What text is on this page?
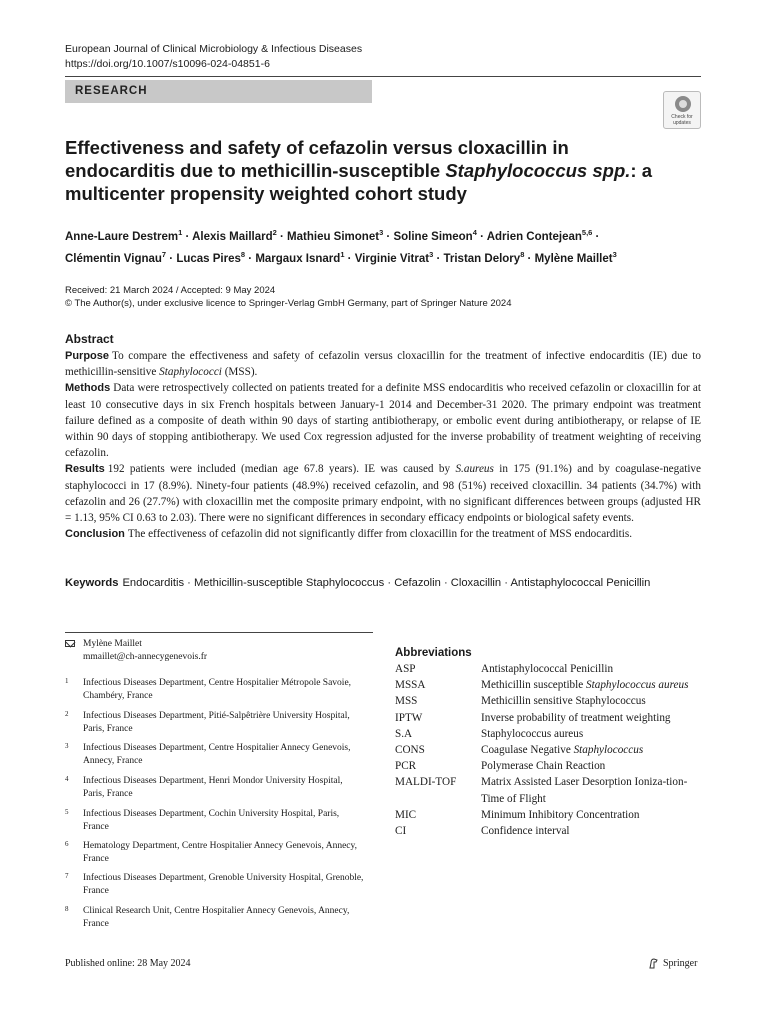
European Journal of Clinical Microbiology & Infectious Diseases
https://doi.org/10.1007/s10096-024-04851-6
RESEARCH
Check for updates
Effectiveness and safety of cefazolin versus cloxacillin in endocarditis due to methicillin-susceptible Staphylococcus spp.: a multicenter propensity weighted cohort study
Anne-Laure Destrem$^1$ · Alexis Maillard$^2$ · Mathieu Simonet$^3$ · Soline Simeon$^4$ · Adrien Contejean$^{5,6}$ ·
Clémentin Vignau$^7$ · Lucas Pires$^8$ · Margaux Isnard$^1$ · Virginie Vitrat$^3$ · Tristan Delory$^8$ · Mylène Maillet$^3$
Received: 21 March 2024 / Accepted: 9 May 2024
© The Author(s), under exclusive licence to Springer-Verlag GmbH Germany, part of Springer Nature 2024
Abstract

Purpose To compare the effectiveness and safety of cefazolin versus cloxacillin for the treatment of infective endocarditis (IE) due to methicillin-sensitive Staphylococci (MSS).

Methods Data were retrospectively collected on patients treated for a definite MSS endocarditis who received cefazolin or cloxacillin for at least 10 consecutive days in six French hospitals between January-1 2014 and December-31 2020. The primary endpoint was treatment failure defined as a composite of death within 90 days of starting antibiotherapy, or embolic event during antibiotherapy, or relapse of IE within 90 days of stopping antibiotherapy. We used Cox regression adjusted for the inverse probability of treatment weighting of receiving cefazolin.

Results 192 patients were included (median age 67.8 years). IE was caused by S.aureus in 175 (91.1%) and by coagulase-negative staphylococci in 17 (8.9%). Ninety-four patients (48.9%) received cefazolin, and 98 (51%) received cloxacillin. 34 patients (34.7%) with cefazolin and 26 (27.7%) with cloxacillin met the composite primary endpoint, with no significant differences between groups (adjusted HR = 1.13, 95% CI 0.63 to 2.03). There were no significant differences in secondary efficacy endpoints or biological safety events.

Conclusion The effectiveness of cefazolin did not significantly differ from cloxacillin for the treatment of MSS endocarditis.

Keywords Endocarditis · Methicillin-susceptible Staphylococcus · Cefazolin · Cloxacillin · Antistaphylococcal Penicillin
Mylène Maillet
mmaillet@ch-annecygenevois.fr
1 Infectious Diseases Department, Centre Hospitalier Métropole Savoie, Chambéry, France
2 Infectious Diseases Department, Pitié-Salpêtrière University Hospital, Paris, France
3 Infectious Diseases Department, Centre Hospitalier Annecy Genevois, Annecy, France
4 Infectious Diseases Department, Henri Mondor University Hospital, Paris, France
5 Infectious Diseases Department, Cochin University Hospital, Paris, France
6 Hematology Department, Centre Hospitalier Annecy Genevois, Annecy, France
7 Infectious Diseases Department, Grenoble University Hospital, Grenoble, France
8 Clinical Research Unit, Centre Hospitalier Annecy Genevois, Annecy, France
Abbreviations
ASP	Antistaphylococcal Penicillin
MSSA	Methicillin susceptible Staphylococcus aureus
MSS	Methicillin sensitive Staphylococcus
IPTW	Inverse probability of treatment weighting
S.A	Staphylococcus aureus
CONS	Coagulase Negative Staphylococcus
PCR	Polymerase Chain Reaction
MALDI-TOF	Matrix Assisted Laser Desorption Ioniza-tion-Time of Flight
MIC	Minimum Inhibitory Concentration
CI	Confidence interval
Published online: 28 May 2024	Springer
